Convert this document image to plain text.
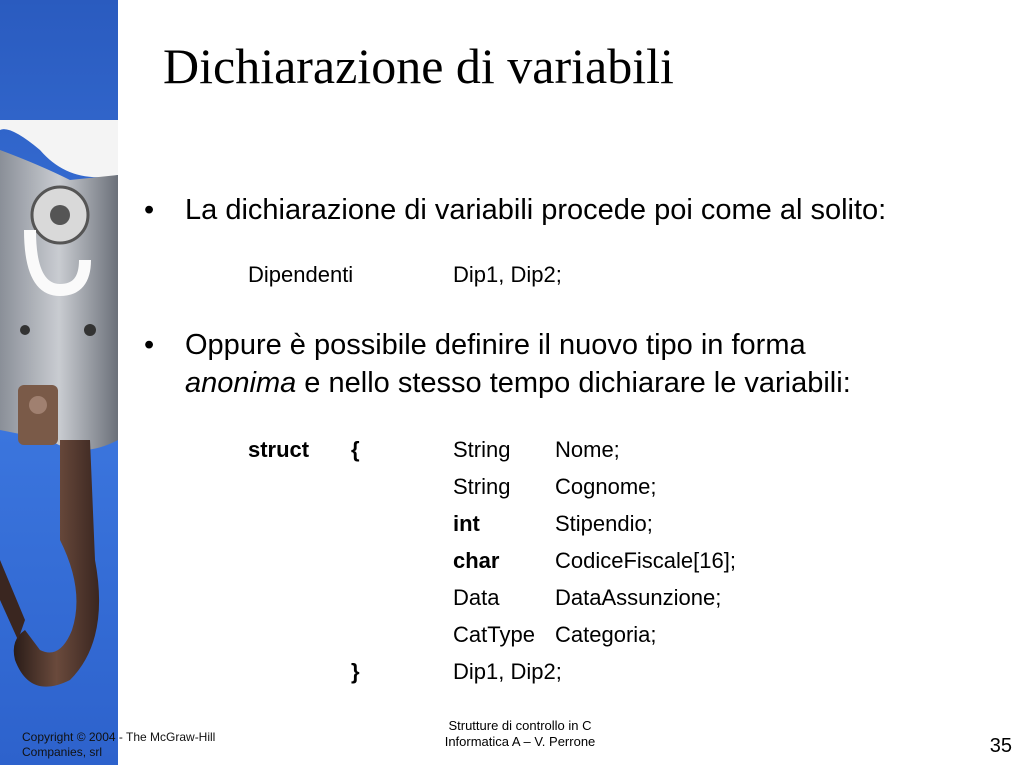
Dichiarazione di variabili
• La dichiarazione di variabili procede poi come al solito:
Dipendenti	Dip1, Dip2;
• Oppure è possibile definire il nuovo tipo in forma
anonima e nello stesso tempo dichiarare le variabili:
struct {	String Nome;
String Cognome;
int	Stipendio;
char	CodiceFiscale[16];
Data	DataAssunzione;
CatType Categoria;
}	Dip1, Dip2;
Copyright © 2004 - The McGraw-Hill
Companies, srl
Strutture di controllo in C
Informatica A – V. Perrone	35
